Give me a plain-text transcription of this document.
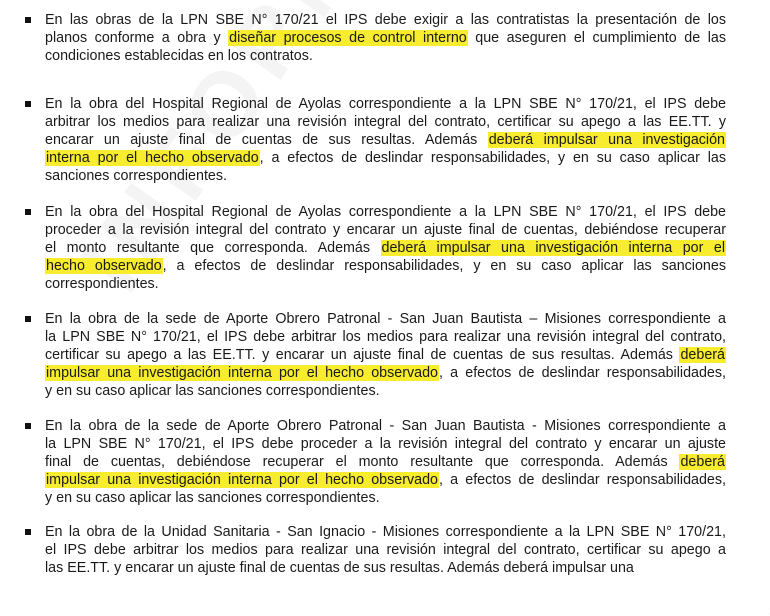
En las obras de la LPN SBE N° 170/21 el IPS debe exigir a las contratistas la presentación de los
planos conforme a obra y diseñar procesos de control interno que aseguren el cumplimiento de las
condiciones establecidas en los contratos.
En la obra del Hospital Regional de Ayolas correspondiente a la LPN SBE N° 170/21, el IPS debe
arbitrar los medios para realizar una revisión integral del contrato, certificar su apego a las EE.TT. y
encarar un ajuste final de cuentas de sus resultas. Además deberá impulsar una investigación
interna por el hecho observado, a efectos de deslindar responsabilidades, y en su caso aplicar las
sanciones correspondientes.
En la obra del Hospital Regional de Ayolas correspondiente a la LPN SBE N° 170/21, el IPS debe
proceder a la revisión integral del contrato y encarar un ajuste final de cuentas, debiéndose recuperar
el monto resultante que corresponda. Además deberá impulsar una investigación interna por el
hecho observado, a efectos de deslindar responsabilidades, y en su caso aplicar las sanciones
correspondientes.
En la obra de la sede de Aporte Obrero Patronal - San Juan Bautista – Misiones correspondiente a
la LPN SBE N° 170/21, el IPS debe arbitrar los medios para realizar una revisión integral del contrato,
certificar su apego a las EE.TT. y encarar un ajuste final de cuentas de sus resultas. Además deberá
impulsar una investigación interna por el hecho observado, a efectos de deslindar responsabilidades,
y en su caso aplicar las sanciones correspondientes.
En la obra de la sede de Aporte Obrero Patronal - San Juan Bautista - Misiones correspondiente a
la LPN SBE N° 170/21, el IPS debe proceder a la revisión integral del contrato y encarar un ajuste
final de cuentas, debiéndose recuperar el monto resultante que corresponda. Además deberá
impulsar una investigación interna por el hecho observado, a efectos de deslindar responsabilidades,
y en su caso aplicar las sanciones correspondientes.
En la obra de la Unidad Sanitaria - San Ignacio - Misiones correspondiente a la LPN SBE N° 170/21,
el IPS debe arbitrar los medios para realizar una revisión integral del contrato, certificar su apego a
las EE.TT. y encarar un ajuste final de cuentas de sus resultas. Además deberá impulsar una
